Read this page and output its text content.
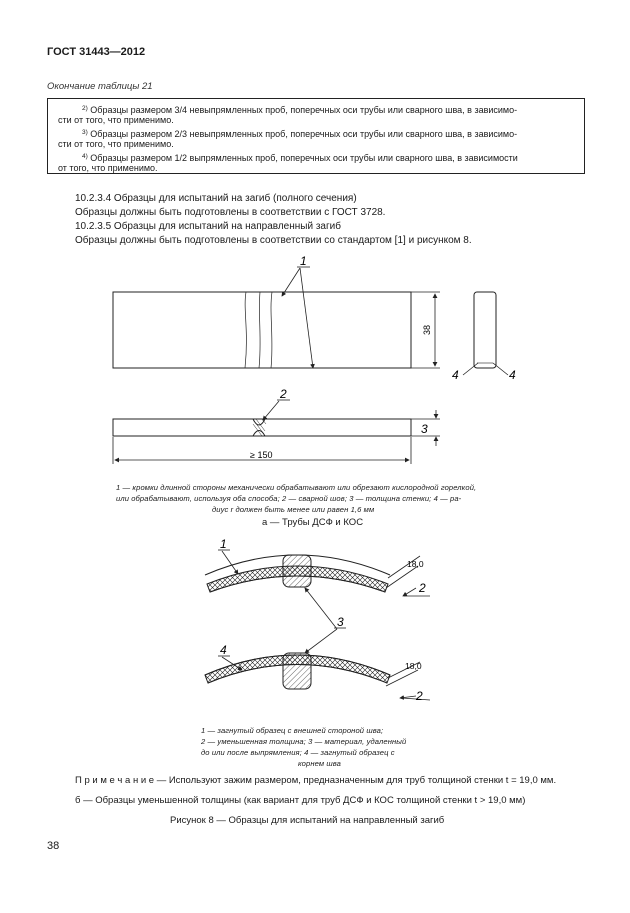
ГОСТ 31443—2012
Окончание таблицы 21
$^{2)}$ Образцы размером 3/4 невыпрямленных проб, поперечных оси трубы или сварного шва, в зависимо-
сти от того, что применимо.
$^{3)}$ Образцы размером 2/3 невыпрямленных проб, поперечных оси трубы или сварного шва, в зависимо-
сти от того, что применимо.
$^{4)}$ Образцы размером 1/2 выпрямленных проб, поперечных оси трубы или сварного шва, в зависимости
от того, что применимо.
10.2.3.4 Образцы для испытаний на загиб (полного сечения)
Образцы должны быть подготовлены в соответствии с ГОСТ 3728.
10.2.3.5 Образцы для испытаний на направленный загиб
Образцы должны быть подготовлены в соответствии со стандартом [1] и рисунком 8.
1
38
4	4
2
3
≥ 150
1 — кромки длинной стороны механически обрабатывают или обрезают кислородной горелкой,
или обрабатывают, используя оба способа; 2 — сварной шов; 3 — толщина стенки; 4 — ра-
диус r должен быть менее или равен 1,6 мм
а — Трубы ДСФ и КОС
1
3
4
2
2
18,0
18,0
1 — загнутый образец с внешней стороной шва;
2 — уменьшенная толщина; 3 — материал, удаленный
до или после выпрямления; 4 — загнутый образец с
корнем шва
П р и м е ч а н и е — Используют зажим размером, предназначенным для труб толщиной стенки t = 19,0 мм.
б — Образцы уменьшенной толщины (как вариант для труб ДСФ и КОС толщиной стенки t > 19,0 мм)
Рисунок 8 — Образцы для испытаний на направленный загиб
38
